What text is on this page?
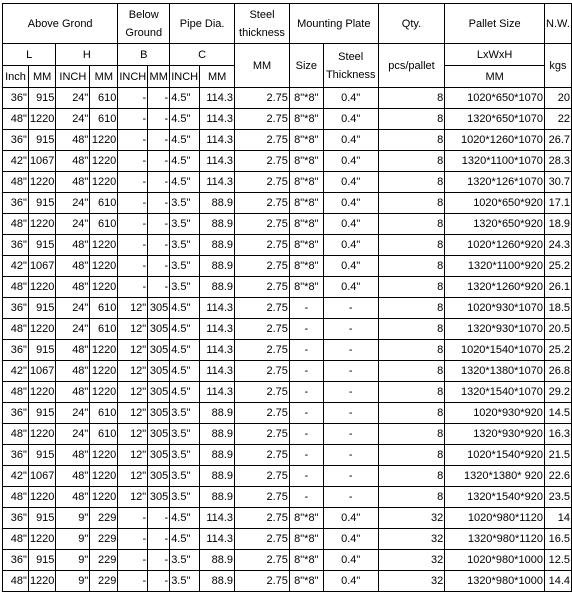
Above Grond				Below Ground		Pipe Dia.		Steel thickness	Mounting Plate		Qty.	Pallet Size	N.W.
L		H		B		C		MM	Size	Steel Thickness	pcs/pallet	LxWxH	kgs
Inch	MM	INCH	MM	INCH	MM	INCH	MM					MM	
36"	915	24"	610	-	-	4.5"	114.3	2.75	8"*8"	0.4"	8	1020*650*1070	20
48"	1220	24"	610	-	-	4.5"	114.3	2.75	8"*8"	0.4"	8	1320*650*1070	22
36"	915	48"	1220	-	-	4.5"	114.3	2.75	8"*8"	0.4"	8	1020*1260*1070	26.7
42"	1067	48"	1220	-	-	4.5"	114.3	2.75	8"*8"	0.4"	8	1320*1100*1070	28.3
48"	1220	48"	1220	-	-	4.5"	114.3	2.75	8"*8"	0.4"	8	1320*126*1070	30.7
36"	915	24"	610	-	-	3.5"	88.9	2.75	8"*8"	0.4"	8	1020*650*920	17.1
48"	1220	24"	610	-	-	3.5"	88.9	2.75	8"*8"	0.4"	8	1320*650*920	18.9
36"	915	48"	1220	-	-	3.5"	88.9	2.75	8"*8"	0.4"	8	1020*1260*920	24.3
42"	1067	48"	1220	-	-	3.5"	88.9	2.75	8"*8"	0.4"	8	1320*1100*920	25.2
48"	1220	48"	1220	-	-	3.5"	88.9	2.75	8"*8"	0.4"	8	1320*1260*920	26.1
36"	915	24"	610	12"	305	4.5"	114.3	2.75	-	-	8	1020*930*1070	18.5
48"	1220	24"	610	12"	305	4.5"	114.3	2.75	-	-	8	1320*930*1070	20.5
36"	915	48"	1220	12"	305	4.5"	114.3	2.75	-	-	8	1020*1540*1070	25.2
42"	1067	48"	1220	12"	305	4.5"	114.3	2.75	-	-	8	1320*1380*1070	26.8
48"	1220	48"	1220	12"	305	4.5"	114.3	2.75	-	-	8	1320*1540*1070	29.2
36"	915	24"	610	12"	305	3.5"	88.9	2.75	-	-	8	1020*930*920	14.5
48"	1220	24"	610	12"	305	3.5"	88.9	2.75	-	-	8	1320*930*920	16.3
36"	915	48"	1220	12"	305	3.5"	88.9	2.75	-	-	8	1020*1540*920	21.5
42"	1067	48"	1220	12"	305	3.5"	88.9	2.75	-	-	8	1320*1380* 920	22.6
48"	1220	48"	1220	12"	305	3.5"	88.9	2.75	-	-	8	1320*1540*920	23.5
36"	915	9"	229	-	-	4.5"	114.3	2.75	8"*8"	0.4"	32	1020*980*1120	14
48"	1220	9"	229	-	-	4.5"	114.3	2.75	8"*8"	0.4"	32	1320*980*1120	16.5
36"	915	9"	229	-	-	3.5"	88.9	2.75	8"*8"	0.4"	32	1020*980*1000	12.5
48"	1220	9"	229	-	-	3.5"	88.9	2.75	8"*8"	0.4"	32	1320*980*1000	14.4
